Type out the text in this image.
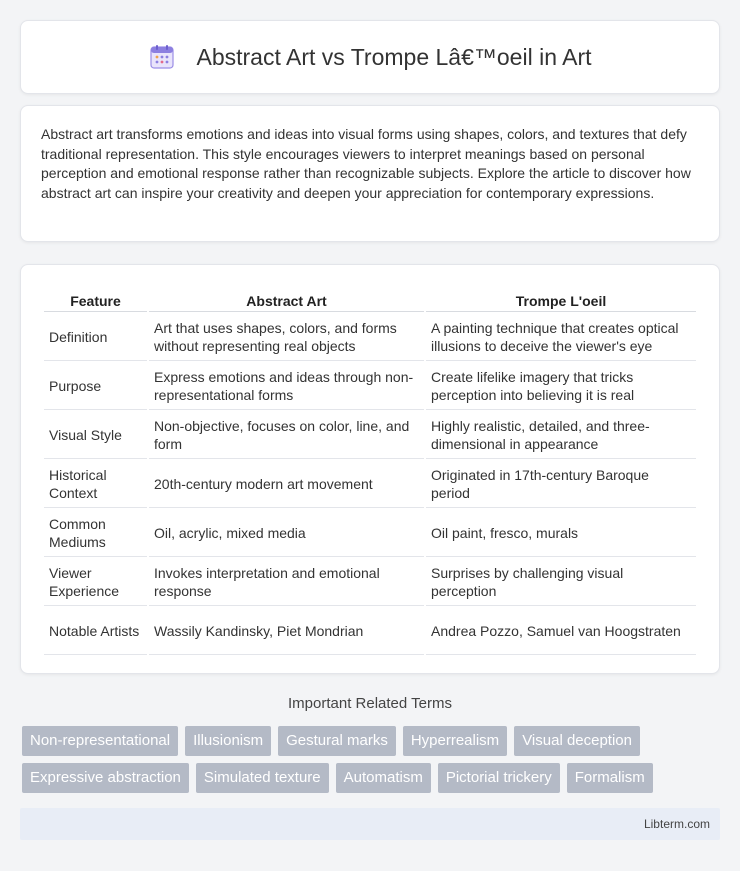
Abstract Art vs Trompe Lâ€™oeil in Art

Abstract art transforms emotions and ideas into visual forms using shapes, colors, and textures that defy traditional representation. This style encourages viewers to interpret meanings based on personal perception and emotional response rather than recognizable subjects. Explore the article to discover how abstract art can inspire your creativity and deepen your appreciation for contemporary expressions.

Feature	Abstract Art	Trompe L'oeil
Definition	Art that uses shapes, colors, and forms without representing real objects	A painting technique that creates optical illusions to deceive the viewer's eye
Purpose	Express emotions and ideas through non-representational forms	Create lifelike imagery that tricks perception into believing it is real
Visual Style	Non-objective, focuses on color, line, and form	Highly realistic, detailed, and three-dimensional in appearance
Historical Context	20th-century modern art movement	Originated in 17th-century Baroque period
Common Mediums	Oil, acrylic, mixed media	Oil paint, fresco, murals
Viewer Experience	Invokes interpretation and emotional response	Surprises by challenging visual perception
Notable Artists	Wassily Kandinsky, Piet Mondrian	Andrea Pozzo, Samuel van Hoogstraten
Important Related Terms
Non-representational	Illusionism	Gestural marks	Hyperrealism	Visual deception
Expressive abstraction	Simulated texture	Automatism	Pictorial trickery	Formalism
Libterm.com
